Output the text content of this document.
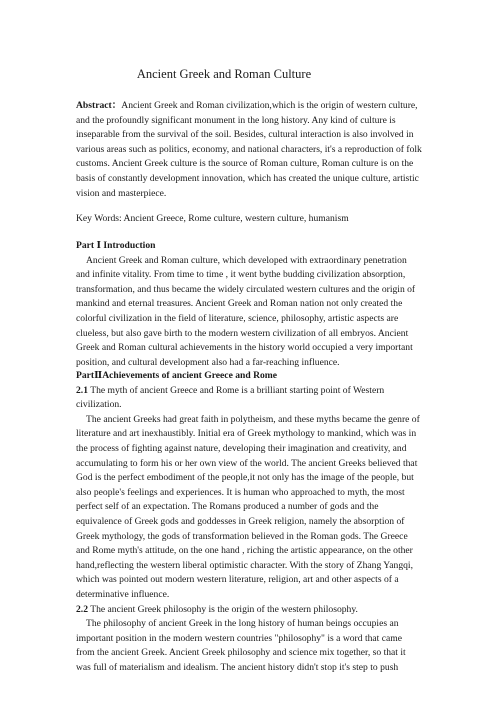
Ancient Greek and Roman Culture

Abstract：Ancient Greek and Roman civilization,which is the origin of western culture, and the profoundly significant monument in the long history. Any kind of culture is inseparable from the survival of the soil. Besides, cultural interaction is also involved in various areas such as politics, economy, and national characters, it's a reproduction of folk customs. Ancient Greek culture is the source of Roman culture, Roman culture is on the basis of constantly development innovation, which has created the unique culture, artistic vision and masterpiece.

Key Words: Ancient Greece, Rome culture, western culture, humanism

Part Ⅰ Introduction

Ancient Greek and Roman culture, which developed with extraordinary penetration and infinite vitality. From time to time , it went bythe budding civilization absorption, transformation, and thus became the widely circulated western cultures and the origin of mankind and eternal treasures. Ancient Greek and Roman nation not only created the colorful civilization in the field of literature, science, philosophy, artistic aspects are clueless, but also gave birth to the modern western civilization of all embryos. Ancient Greek and Roman cultural achievements in the history world occupied a very important position, and cultural development also had a far-reaching influence.

PartⅡAchievements of ancient Greece and Rome

2.1 The myth of ancient Greece and Rome is a brilliant starting point of Western civilization.

The ancient Greeks had great faith in polytheism, and these myths became the genre of literature and art inexhaustibly. Initial era of Greek mythology to mankind, which was in the process of fighting against nature, developing their imagination and creativity, and accumulating to form his or her own view of the world. The ancient Greeks believed that God is the perfect embodiment of the people,it not only has the image of the people, but also people's feelings and experiences. It is human who approached to myth, the most perfect self of an expectation. The Romans produced a number of gods and the equivalence of Greek gods and goddesses in Greek religion, namely the absorption of Greek mythology, the gods of transformation believed in the Roman gods. The Greece and Rome myth's attitude, on the one hand , riching the artistic appearance, on the other hand,reflecting the western liberal optimistic character. With the story of Zhang Yangqi, which was pointed out modern western literature, religion, art and other aspects of a determinative influence.

2.2 The ancient Greek philosophy is the origin of the western philosophy.

The philosophy of ancient Greek in the long history of human beings occupies an important position in the modern western countries "philosophy" is a word that came from the ancient Greek. Ancient Greek philosophy and science mix together, so that it was full of materialism and idealism. The ancient history didn't stop it's step to push
